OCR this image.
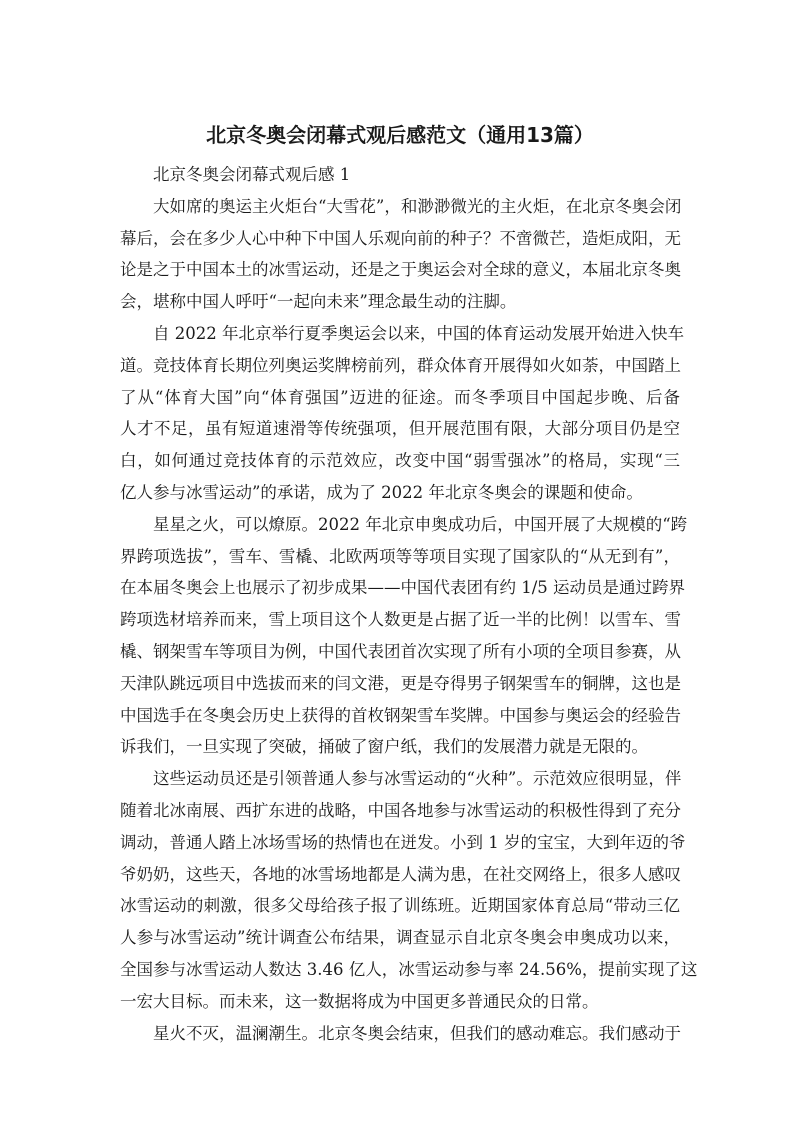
北京冬奥会闭幕式观后感范文（通用13篇）

北京冬奥会闭幕式观后感 1

大如席的奥运主火炬台“大雪花”，和渺渺微光的主火炬，在北京冬奥会闭
幕后，会在多少人心中种下中国人乐观向前的种子？不啻微芒，造炬成阳，无
论是之于中国本土的冰雪运动，还是之于奥运会对全球的意义，本届北京冬奥
会，堪称中国人呼吁“一起向未来”理念最生动的注脚。

自 2022 年北京举行夏季奥运会以来，中国的体育运动发展开始进入快车
道。竞技体育长期位列奥运奖牌榜前列，群众体育开展得如火如荼，中国踏上
了从“体育大国”向“体育强国”迈进的征途。而冬季项目中国起步晚、后备
人才不足，虽有短道速滑等传统强项，但开展范围有限，大部分项目仍是空
白，如何通过竞技体育的示范效应，改变中国“弱雪强冰”的格局，实现“三
亿人参与冰雪运动”的承诺，成为了 2022 年北京冬奥会的课题和使命。

星星之火，可以燎原。2022 年北京申奥成功后，中国开展了大规模的“跨
界跨项选拔”，雪车、雪橇、北欧两项等等项目实现了国家队的“从无到有”，
在本届冬奥会上也展示了初步成果——中国代表团有约 1/5 运动员是通过跨界
跨项选材培养而来，雪上项目这个人数更是占据了近一半的比例！以雪车、雪
橇、钢架雪车等项目为例，中国代表团首次实现了所有小项的全项目参赛，从
天津队跳远项目中选拔而来的闫文港，更是夺得男子钢架雪车的铜牌，这也是
中国选手在冬奥会历史上获得的首枚钢架雪车奖牌。中国参与奥运会的经验告
诉我们，一旦实现了突破，捅破了窗户纸，我们的发展潜力就是无限的。

这些运动员还是引领普通人参与冰雪运动的“火种”。示范效应很明显，伴
随着北冰南展、西扩东进的战略，中国各地参与冰雪运动的积极性得到了充分
调动，普通人踏上冰场雪场的热情也在迸发。小到 1 岁的宝宝，大到年迈的爷
爷奶奶，这些天，各地的冰雪场地都是人满为患，在社交网络上，很多人感叹
冰雪运动的刺激，很多父母给孩子报了训练班。近期国家体育总局“带动三亿
人参与冰雪运动”统计调查公布结果，调查显示自北京冬奥会申奥成功以来，
全国参与冰雪运动人数达 3.46 亿人，冰雪运动参与率 24.56%，提前实现了这
一宏大目标。而未来，这一数据将成为中国更多普通民众的日常。

星火不灭，温澜潮生。北京冬奥会结束，但我们的感动难忘。我们感动于
